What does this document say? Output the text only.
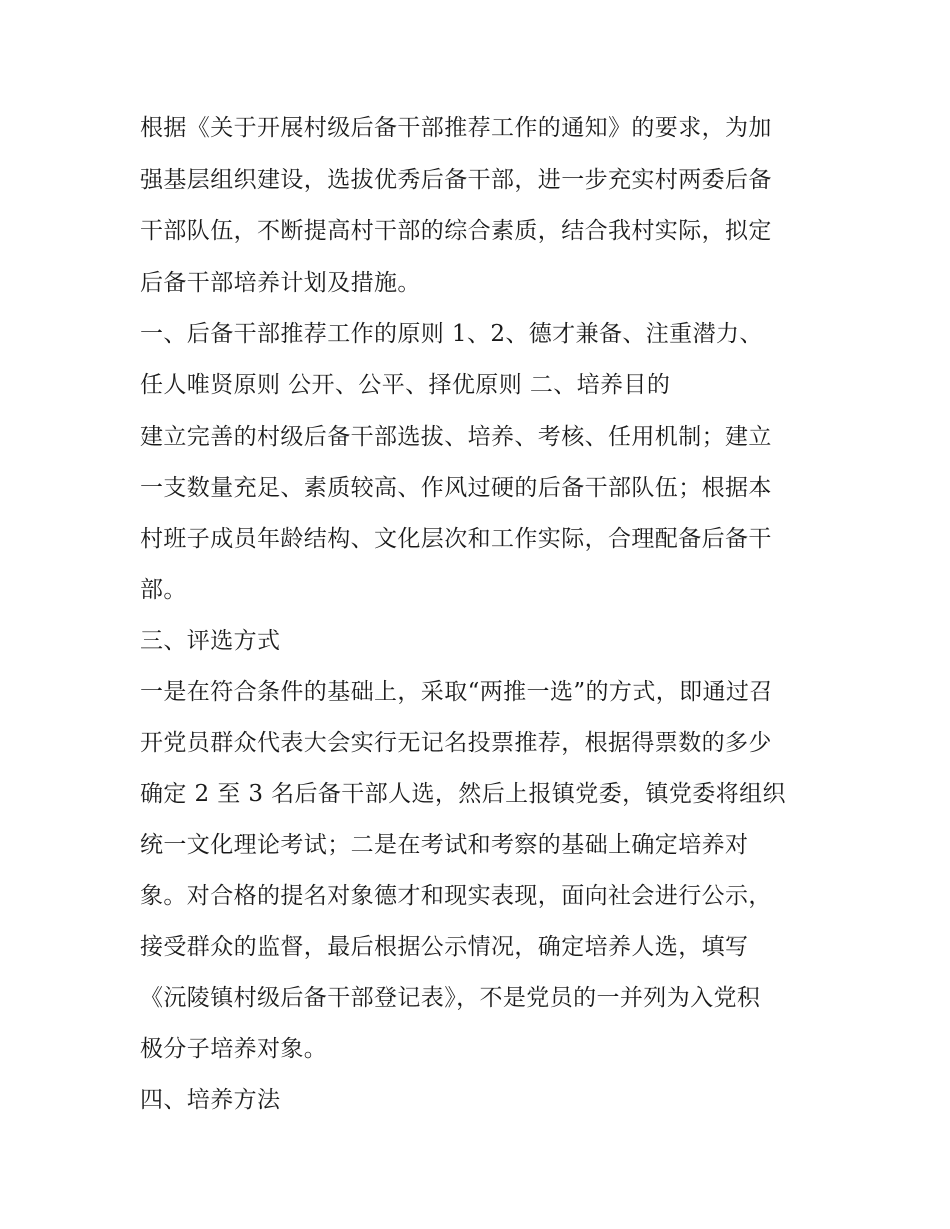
根据《关于开展村级后备干部推荐工作的通知》的要求，为加
强基层组织建设，选拔优秀后备干部，进一步充实村两委后备
干部队伍，不断提高村干部的综合素质，结合我村实际，拟定
后备干部培养计划及措施。
一、后备干部推荐工作的原则 1、2、德才兼备、注重潜力、
任人唯贤原则 公开、公平、择优原则 二、培养目的
建立完善的村级后备干部选拔、培养、考核、任用机制；建立
一支数量充足、素质较高、作风过硬的后备干部队伍；根据本
村班子成员年龄结构、文化层次和工作实际，合理配备后备干
部。
三、评选方式
一是在符合条件的基础上，采取“两推一选”的方式，即通过召
开党员群众代表大会实行无记名投票推荐，根据得票数的多少
确定 2 至 3 名后备干部人选，然后上报镇党委，镇党委将组织
统一文化理论考试；二是在考试和考察的基础上确定培养对
象。对合格的提名对象德才和现实表现，面向社会进行公示，
接受群众的监督，最后根据公示情况，确定培养人选，填写
《沅陵镇村级后备干部登记表》，不是党员的一并列为入党积
极分子培养对象。
四、培养方法
